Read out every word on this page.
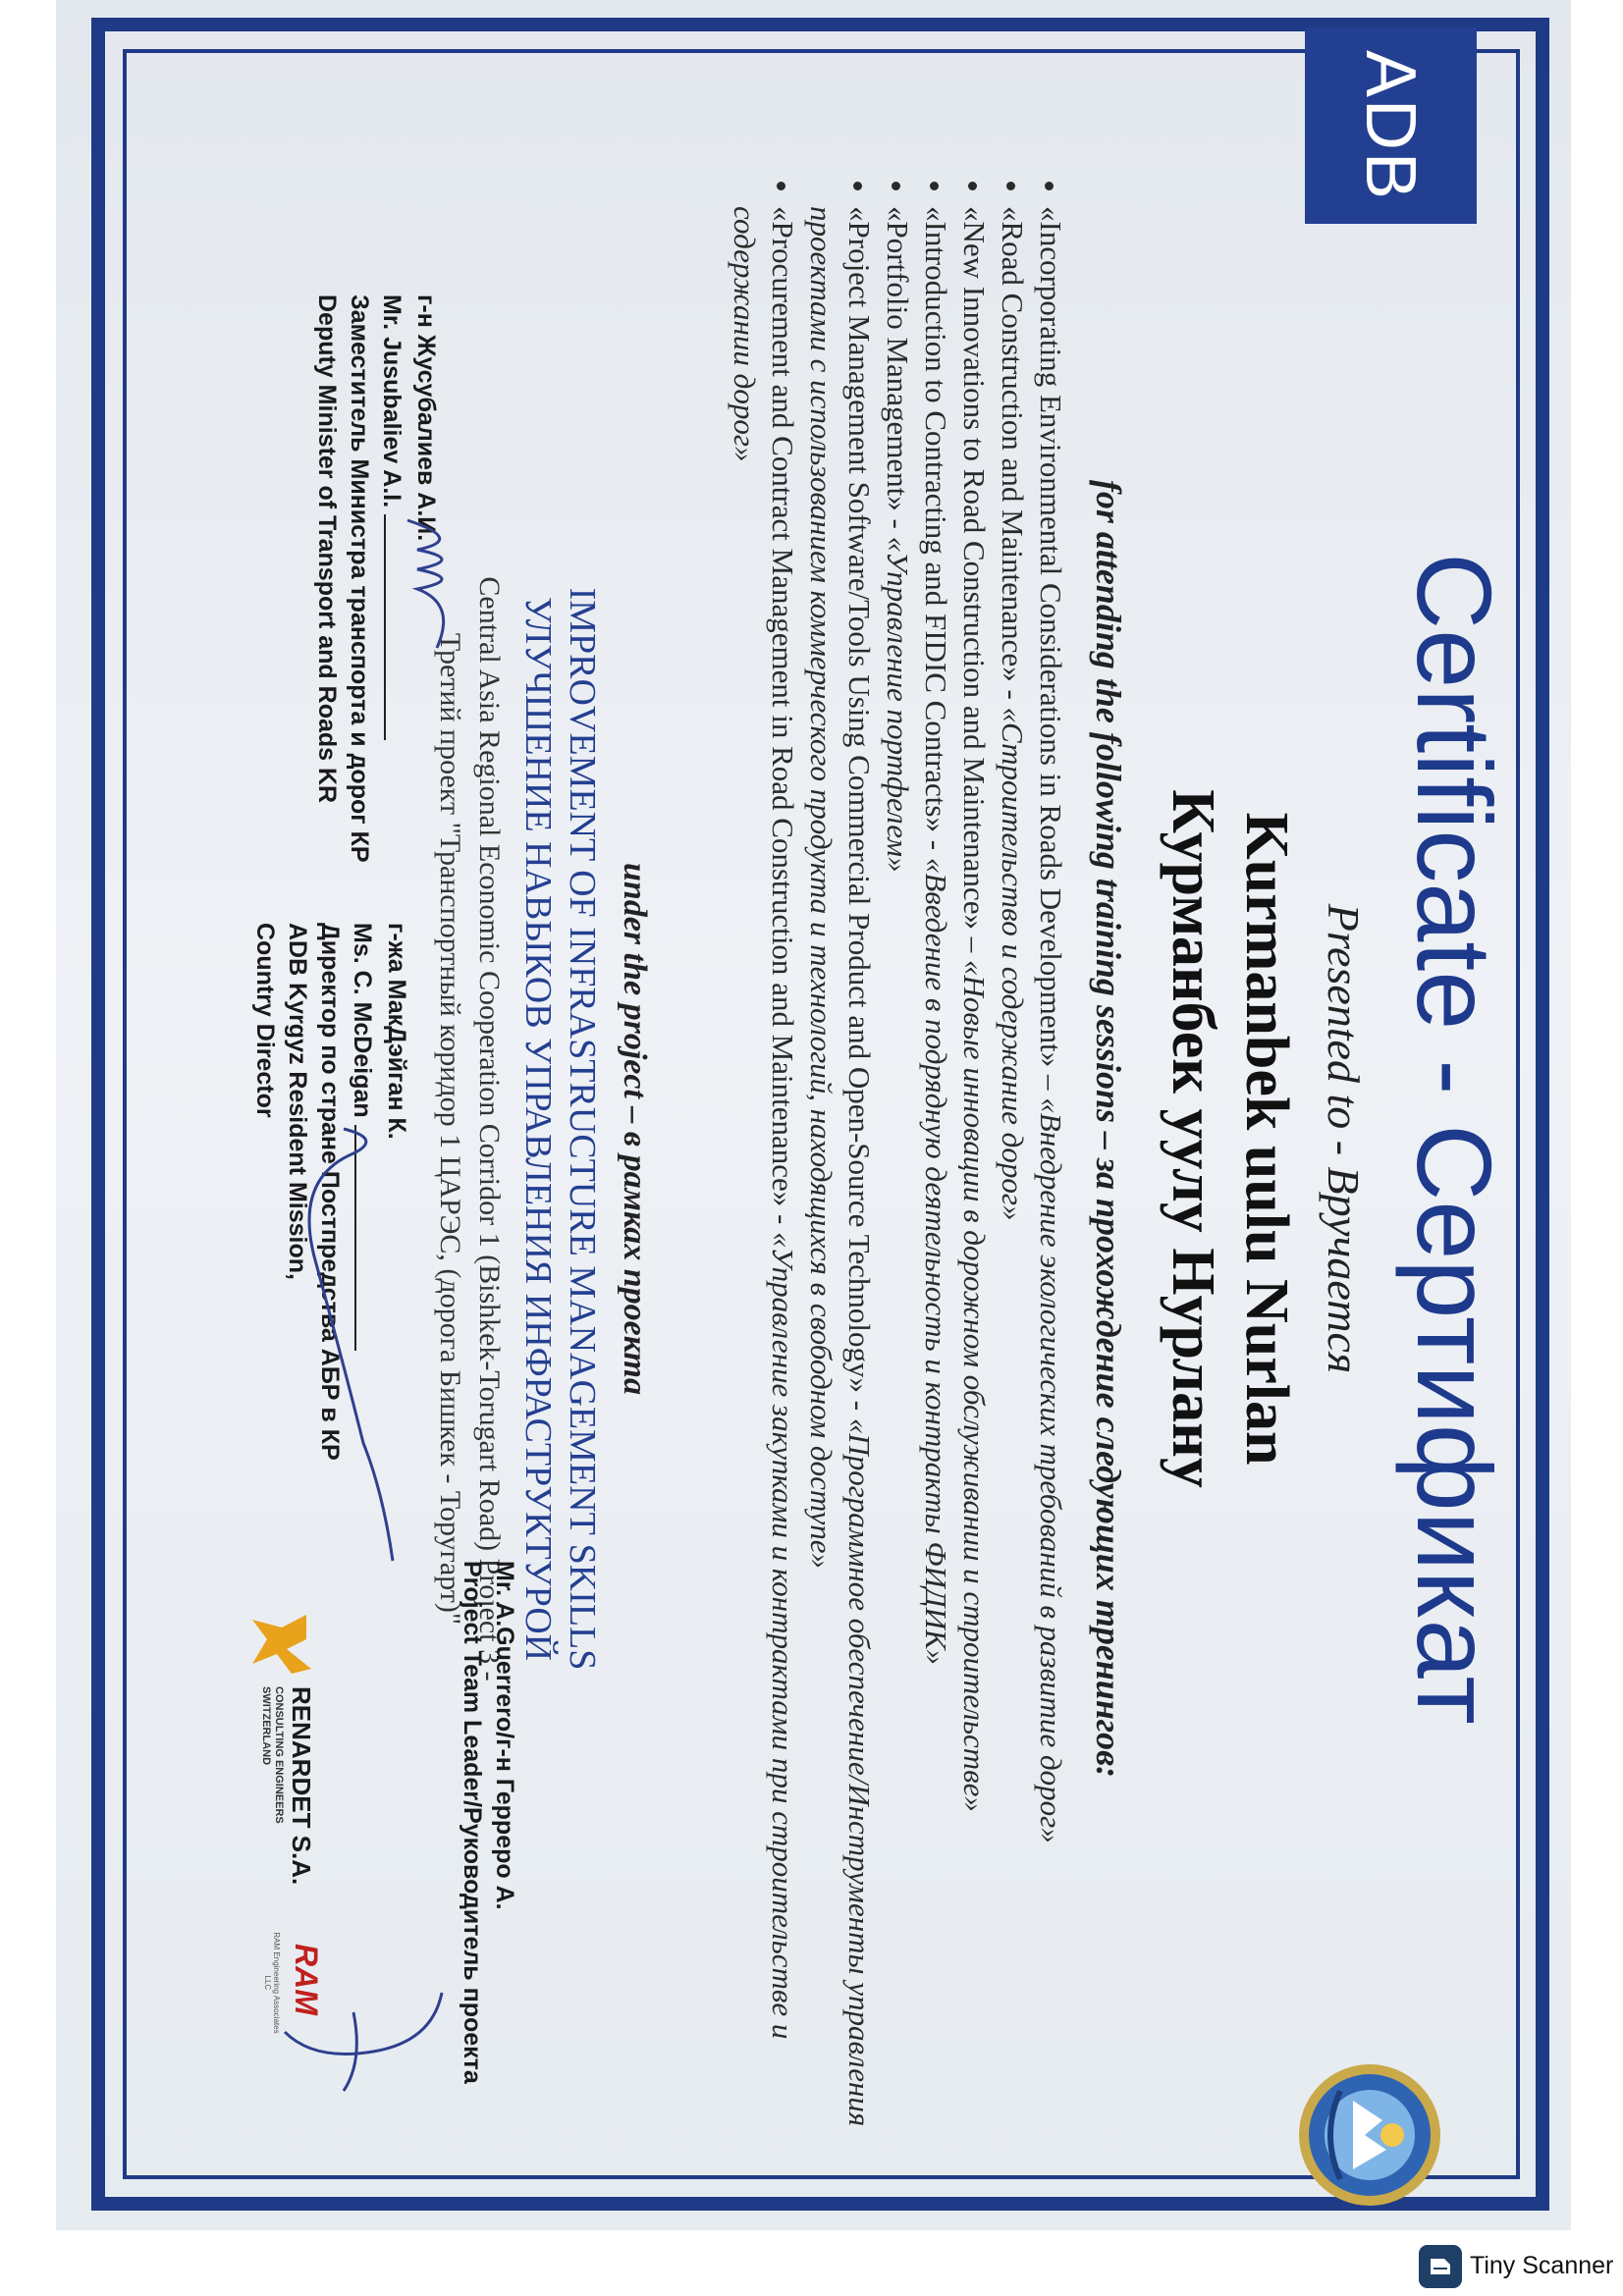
ADB
Certificate - Сертификат
Presented to - Вручается
Kurmanbek uulu Nurlan
Курманбек уулу Нурлану
for attending the following training sessions – за прохождение следующих тренингов:
• «Incorporating Environmental Considerations in Roads Development» – «Внедрение экологических требований в развитие дорог»
• «Road Construction and Maintenance» - «Строительство и содержание дорог»
• «New Innovations to Road Construction and Maintenance» – «Новые инновации в дорожном обслуживании и строительстве»
• «Introduction to Contracting and FIDIC Contracts» - «Введение в подрядную деятельность и контракты ФИДИК»
• «Portfolio Management» - «Управление портфелем»
• «Project Management Software/Tools Using Commercial Product and Open-Source Technology» - «Программное обеспечение/Инструменты управления проектами с использованием коммерческого продукта и технологий, находящихся в свободном доступе»
• «Procurement and Contract Management in Road Construction and Maintenance» - «Управление закупками и контрактами при строительстве и содержании дорог»
under the project – в рамках проекта
IMPROVEMENT OF INFRASTRUCTURE MANAGEMENT SKILLS
УЛУЧШЕНИЕ НАВЫКОВ УПРАВЛЕНИЯ ИНФРАСТРУКТУРОЙ
Central Asia Regional Economic Cooperation Corridor 1 (Bishkek-Torugart Road) Project 3 -
Третий проект "Транспортный коридор 1 ЦАРЭС, (дорога Бишкек - Торугарт)"
г-н Жусубалиев А.И.
Mr. Jusubaliev A.I.
Заместитель Министра транспорта и дорог КР
Deputy Minister of Transport and Roads KR
г-жа МакДэйган К.
Ms. C. McDeigan
Директор по стране Постпредства АБР в КР
ADB Kyrgyz Resident Mission,
Country Director
Mr. A.Guerrero/г-н Герреро А.
Project Team Leader/Руководитель проекта
RENARDET S.A.
CONSULTING ENGINEERS
SWITZERLAND
RAM
RAM Engineering Associates LLC
Tiny Scanner
